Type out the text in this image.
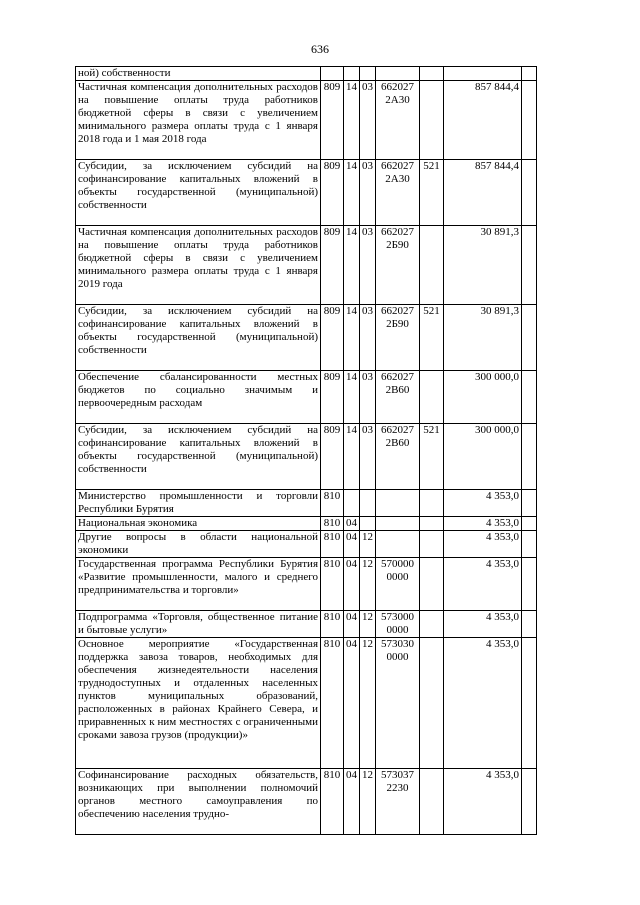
636
ной) собственности							
Частичная компенсация дополнительных расходов на повышение оплаты труда работников бюджетной сферы в связи с увеличением минимального размера оплаты труда с 1 января 2018 года и 1 мая 2018 года	809	14	03	662027 2А30		857 844,4	
Субсидии, за исключением субсидий на софинансирование капитальных вложений в объекты государственной (муниципальной) собственности	809	14	03	662027 2А30	521	857 844,4	
Частичная компенсация дополнительных расходов на повышение оплаты труда работников бюджетной сферы в связи с увеличением минимального размера оплаты труда с 1 января 2019 года	809	14	03	662027 2Б90		30 891,3	
Субсидии, за исключением субсидий на софинансирование капитальных вложений в объекты государственной (муниципальной) собственности	809	14	03	662027 2Б90	521	30 891,3	
Обеспечение сбалансированности местных бюджетов по социально значимым и первоочередным расходам	809	14	03	662027 2В60		300 000,0	
Субсидии, за исключением субсидий на софинансирование капитальных вложений в объекты государственной (муниципальной) собственности	809	14	03	662027 2В60	521	300 000,0	
Министерство промышленности и торговли Республики Бурятия	810					4 353,0	
Национальная экономика	810	04				4 353,0	
Другие вопросы в области национальной экономики	810	04	12			4 353,0	
Государственная программа Республики Бурятия «Развитие промышленности, малого и среднего предпринимательства и торговли»	810	04	12	570000 0000		4 353,0	
Подпрограмма «Торговля, общественное питание и бытовые услуги»	810	04	12	573000 0000		4 353,0	
Основное мероприятие «Государственная поддержка завоза товаров, необходимых для обеспечения жизнедеятельности населения труднодоступных и отдаленных населенных пунктов муниципальных образований, расположенных в районах Крайнего Севера, и приравненных к ним местностях с ограниченными сроками завоза грузов (продукции)»	810	04	12	573030 0000		4 353,0	
Софинансирование расходных обязательств, возникающих при выполнении полномочий органов местного самоуправления по обеспечению населения трудно-	810	04	12	573037 2230		4 353,0	
